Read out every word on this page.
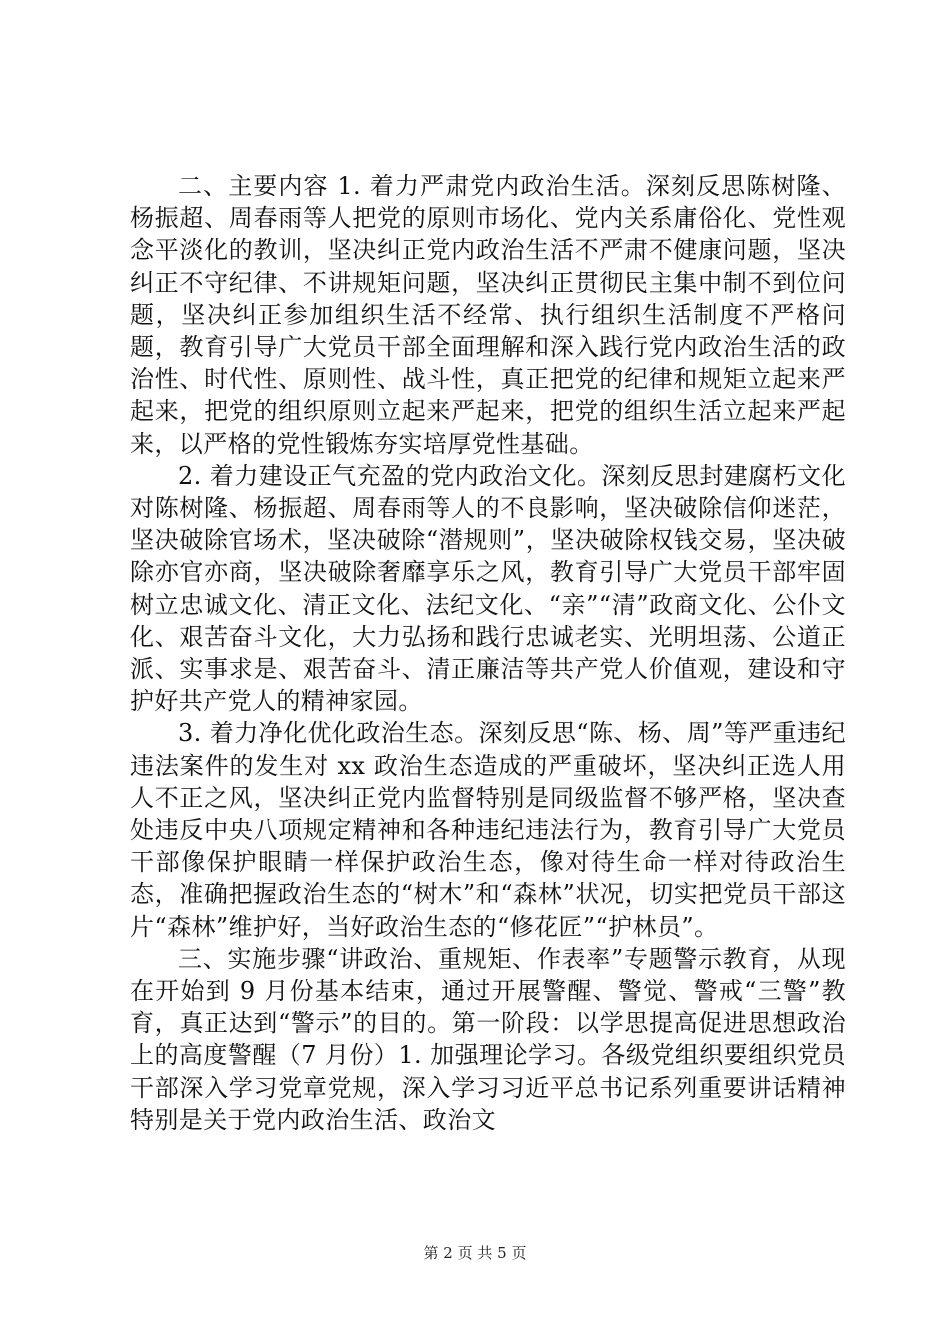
二、主要内容 1. 着力严肃党内政治生活。深刻反思陈树隆、杨振超、周春雨等人把党的原则市场化、党内关系庸俗化、党性观念平淡化的教训，坚决纠正党内政治生活不严肃不健康问题，坚决纠正不守纪律、不讲规矩问题，坚决纠正贯彻民主集中制不到位问题，坚决纠正参加组织生活不经常、执行组织生活制度不严格问题，教育引导广大党员干部全面理解和深入践行党内政治生活的政治性、时代性、原则性、战斗性，真正把党的纪律和规矩立起来严起来，把党的组织原则立起来严起来，把党的组织生活立起来严起来，以严格的党性锻炼夯实培厚党性基础。

2. 着力建设正气充盈的党内政治文化。深刻反思封建腐朽文化对陈树隆、杨振超、周春雨等人的不良影响，坚决破除信仰迷茫，坚决破除官场术，坚决破除“潜规则”，坚决破除权钱交易，坚决破除亦官亦商，坚决破除奢靡享乐之风，教育引导广大党员干部牢固树立忠诚文化、清正文化、法纪文化、“亲”“清”政商文化、公仆文化、艰苦奋斗文化，大力弘扬和践行忠诚老实、光明坦荡、公道正派、实事求是、艰苦奋斗、清正廉洁等共产党人价值观，建设和守护好共产党人的精神家园。

3. 着力净化优化政治生态。深刻反思“陈、杨、周”等严重违纪违法案件的发生对 xx 政治生态造成的严重破坏，坚决纠正选人用人不正之风，坚决纠正党内监督特别是同级监督不够严格，坚决查处违反中央八项规定精神和各种违纪违法行为，教育引导广大党员干部像保护眼睛一样保护政治生态，像对待生命一样对待政治生态，准确把握政治生态的“树木”和“森林”状况，切实把党员干部这片“森林”维护好，当好政治生态的“修花匠”“护林员”。

三、实施步骤“讲政治、重规矩、作表率”专题警示教育，从现在开始到 9 月份基本结束，通过开展警醒、警觉、警戒“三警”教育，真正达到“警示”的目的。第一阶段：以学思提高促进思想政治上的高度警醒（7 月份）1. 加强理论学习。各级党组织要组织党员干部深入学习党章党规，深入学习习近平总书记系列重要讲话精神特别是关于党内政治生活、政治文

第 2 页 共 5 页
